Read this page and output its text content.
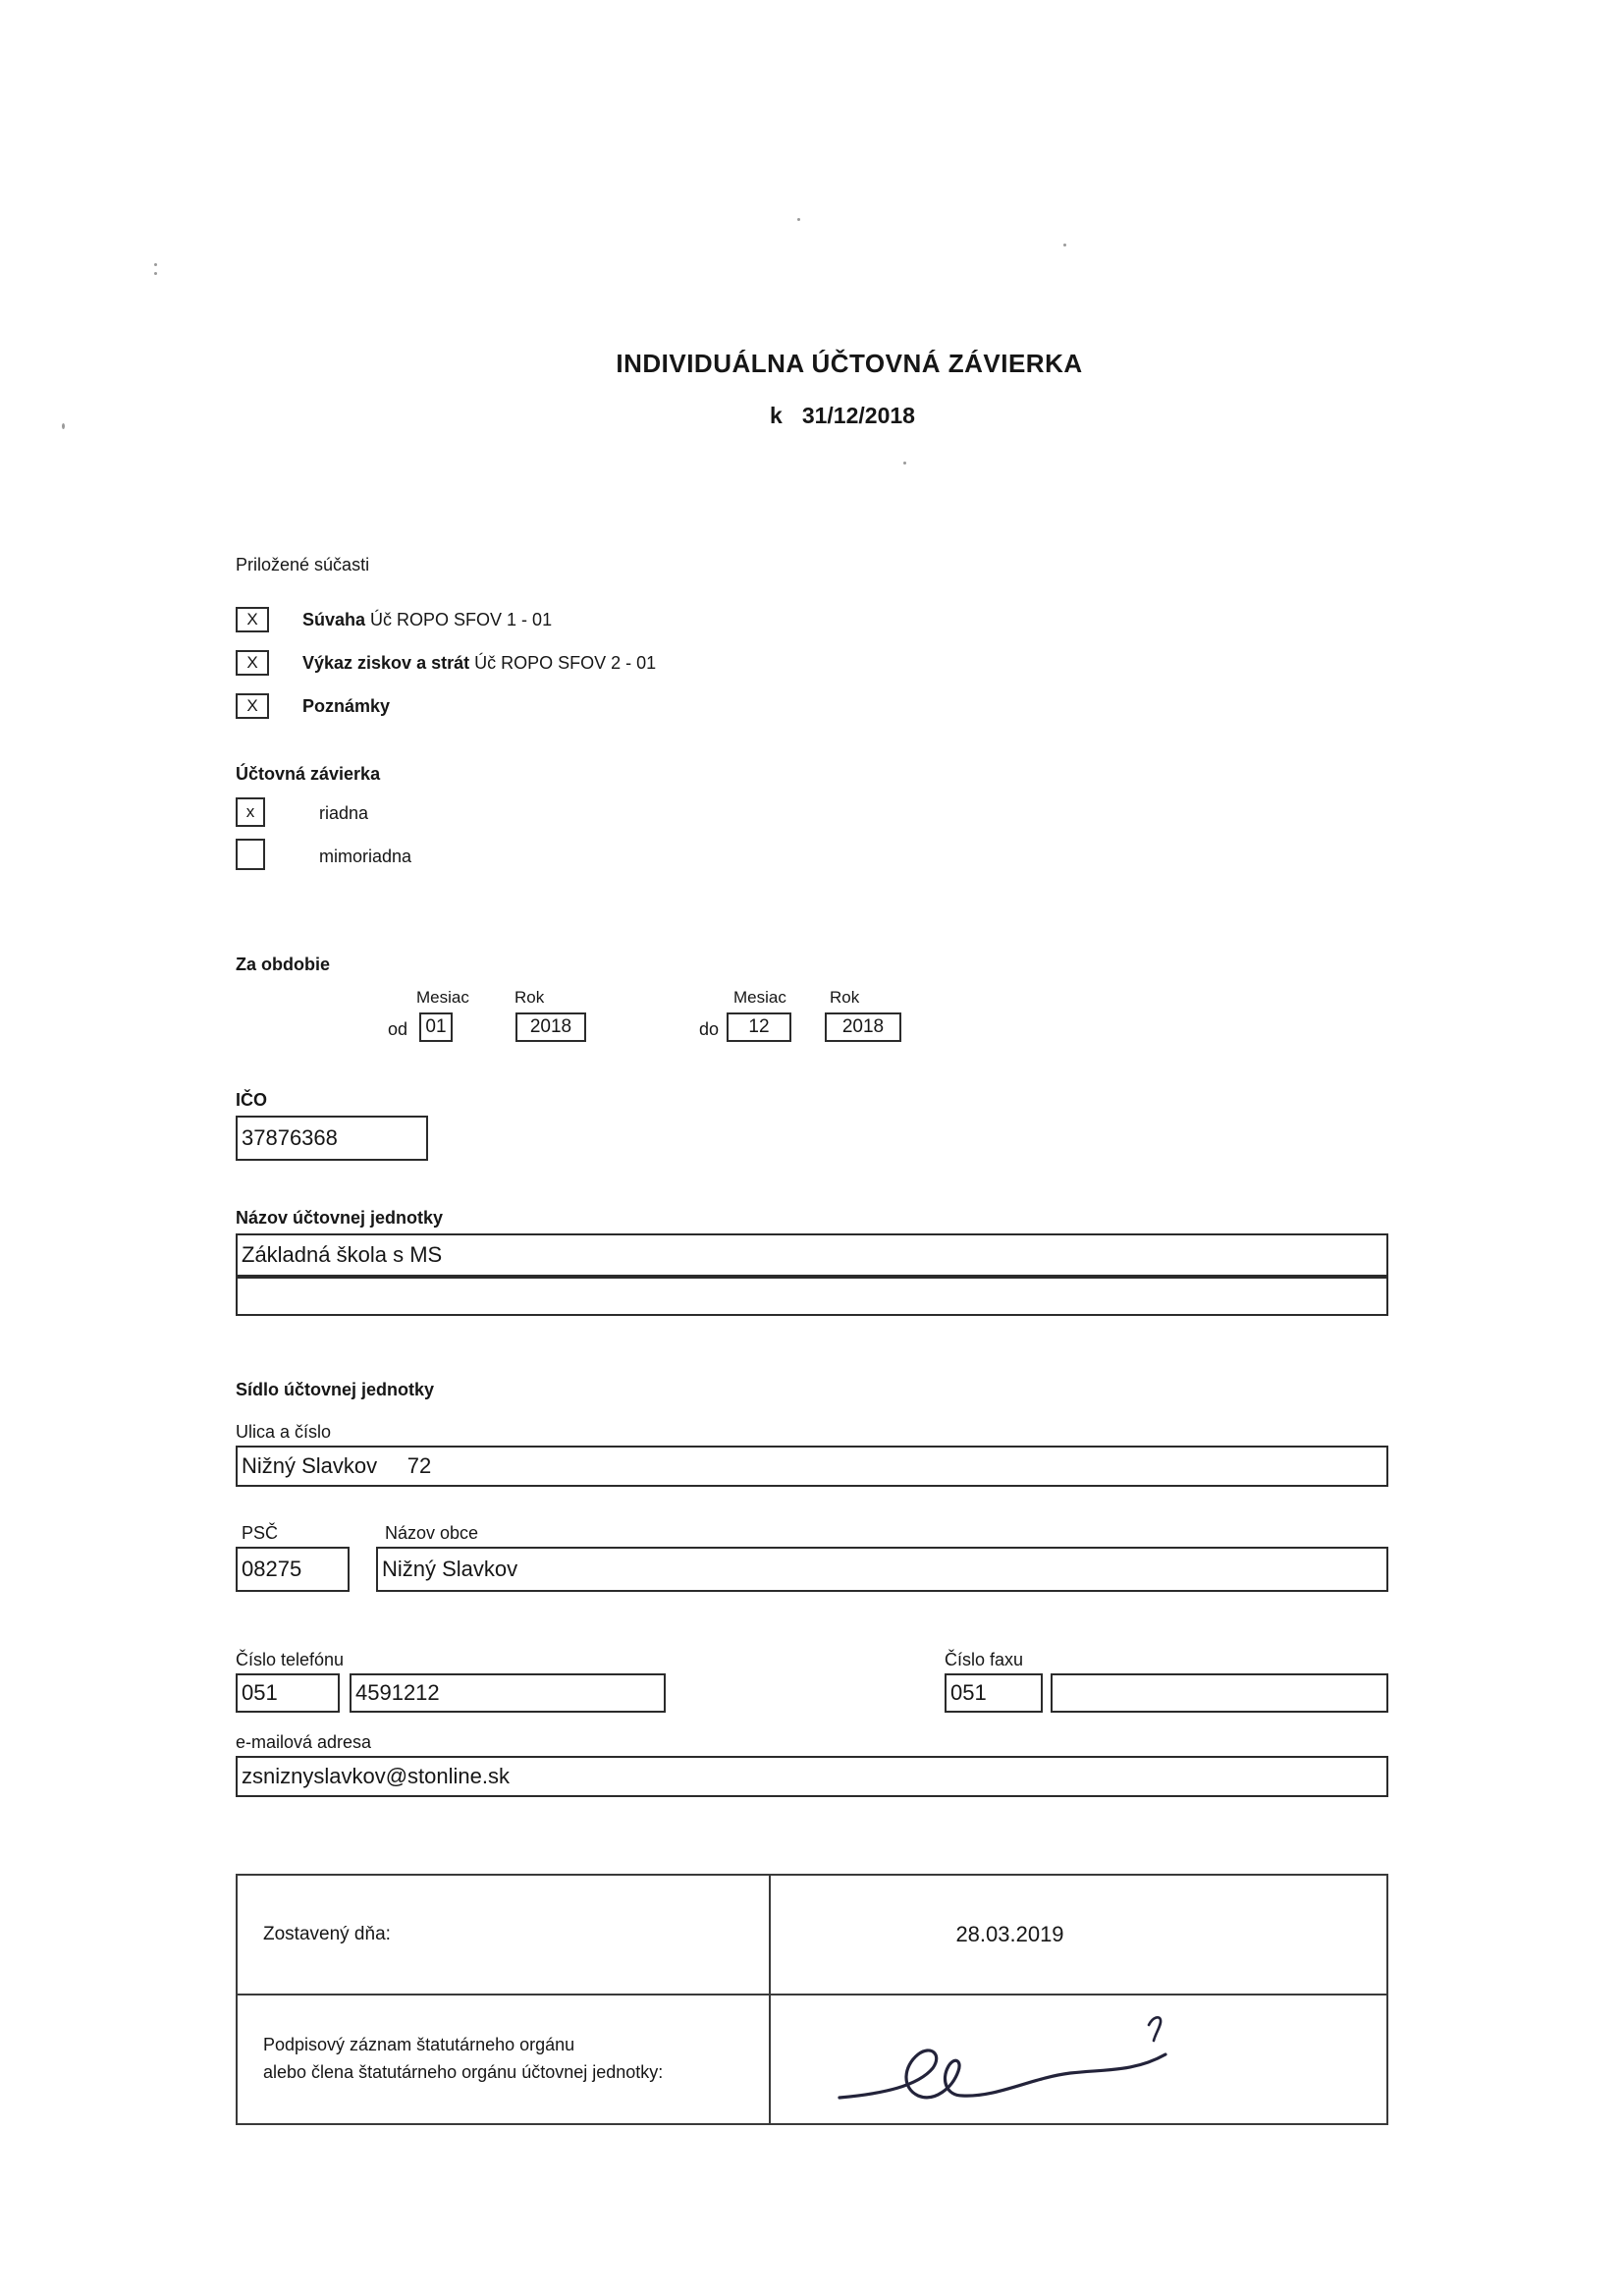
INDIVIDUÁLNA ÚČTOVNÁ ZÁVIERKA
k 31/12/2018
Priložené súčasti
X	Súvaha Úč ROPO SFOV 1 - 01
X	Výkaz ziskov a strát Úč ROPO SFOV 2 - 01
X	Poznámky
Účtovná závierka
x	riadna
mimoriadna
Za obdobie
Mesiac	Rok	Mesiac	Rok
od 01	2018	do	12	2018
IČO
37876368
Názov účtovnej jednotky
Základná škola s MS
Sídlo účtovnej jednotky
Ulica a číslo
Nižný Slavkov     72
PSČ	Názov obce
08275	Nižný Slavkov
Číslo telefónu	Číslo faxu
051	4591212	051
e-mailová adresa
zsniznyslavkov@stonline.sk
Zostavený dňa:	28.03.2019
Podpisový záznam štatutárneho orgánu
alebo člena štatutárneho orgánu účtovnej jednotky:
